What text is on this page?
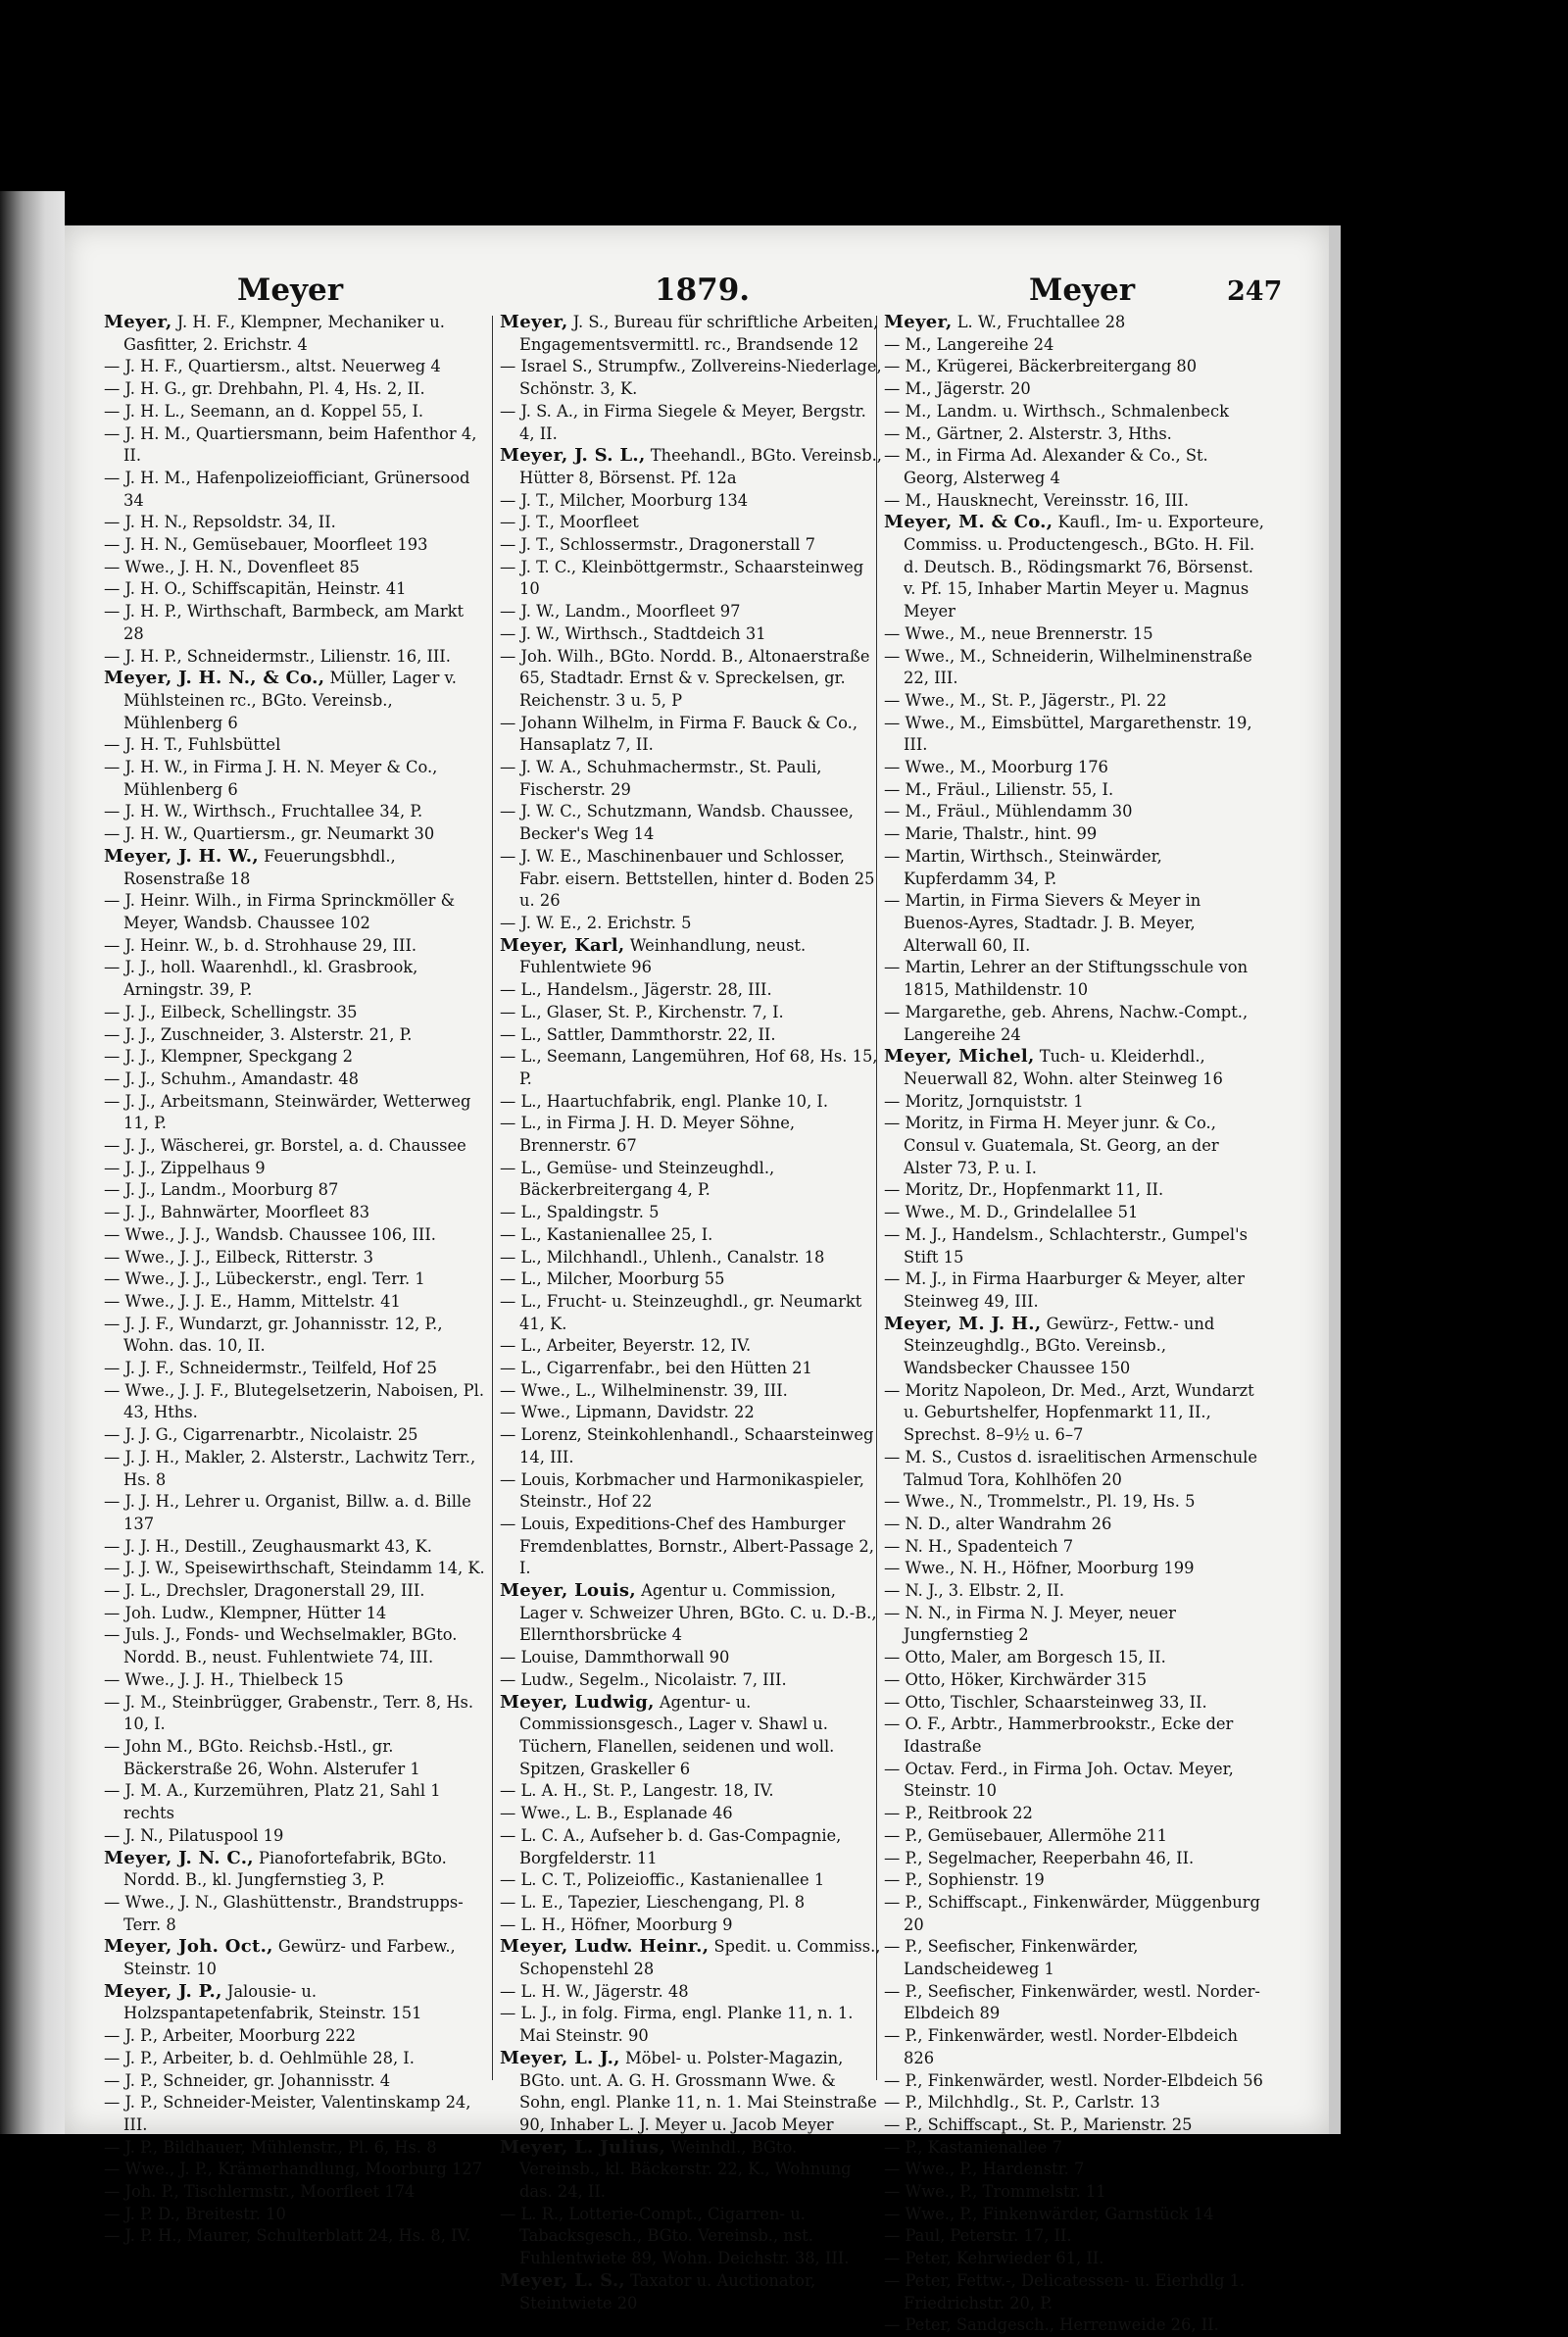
Meyer	1879.	Meyer	247

Meyer, J. H. F., Klempner, Mechaniker u. Gasfitter, 2. Erichstr. 4

— J. H. F., Quartiersm., altst. Neuerweg 4

— J. H. G., gr. Drehbahn, Pl. 4, Hs. 2, II.

— J. H. L., Seemann, an d. Koppel 55, I.

— J. H. M., Quartiersmann, beim Hafenthor 4, II.

— J. H. M., Hafenpolizeiofficiant, Grünersood 34

— J. H. N., Repsoldstr. 34, II.

— J. H. N., Gemüsebauer, Moorfleet 193

— Wwe., J. H. N., Dovenfleet 85

— J. H. O., Schiffscapitän, Heinstr. 41

— J. H. P., Wirthschaft, Barmbeck, am Markt 28

— J. H. P., Schneidermstr., Lilienstr. 16, III.

Meyer, J. H. N., & Co., Müller, Lager v. Mühlsteinen rc., BGto. Vereinsb., Mühlenberg 6

— J. H. T., Fuhlsbüttel

— J. H. W., in Firma J. H. N. Meyer & Co., Mühlenberg 6

— J. H. W., Wirthsch., Fruchtallee 34, P.

— J. H. W., Quartiersm., gr. Neumarkt 30

Meyer, J. H. W., Feuerungsbhdl., Rosenstraße 18

— J. Heinr. Wilh., in Firma Sprinckmöller & Meyer, Wandsb. Chaussee 102

— J. Heinr. W., b. d. Strohhause 29, III.

— J. J., holl. Waarenhdl., kl. Grasbrook, Arningstr. 39, P.

— J. J., Eilbeck, Schellingstr. 35

— J. J., Zuschneider, 3. Alsterstr. 21, P.

— J. J., Klempner, Speckgang 2

— J. J., Schuhm., Amandastr. 48

— J. J., Arbeitsmann, Steinwärder, Wetterweg 11, P.

— J. J., Wäscherei, gr. Borstel, a. d. Chaussee

— J. J., Zippelhaus 9

— J. J., Landm., Moorburg 87

— J. J., Bahnwärter, Moorfleet 83

— Wwe., J. J., Wandsb. Chaussee 106, III.

— Wwe., J. J., Eilbeck, Ritterstr. 3

— Wwe., J. J., Lübeckerstr., engl. Terr. 1

— Wwe., J. J. E., Hamm, Mittelstr. 41

— J. J. F., Wundarzt, gr. Johannisstr. 12, P., Wohn. das. 10, II.

— J. J. F., Schneidermstr., Teilfeld, Hof 25

— Wwe., J. J. F., Blutegelsetzerin, Naboisen, Pl. 43, Hths.

— J. J. G., Cigarrenarbtr., Nicolaistr. 25

— J. J. H., Makler, 2. Alsterstr., Lachwitz Terr., Hs. 8

— J. J. H., Lehrer u. Organist, Billw. a. d. Bille 137

— J. J. H., Destill., Zeughausmarkt 43, K.

— J. J. W., Speisewirthschaft, Steindamm 14, K.

— J. L., Drechsler, Dragonerstall 29, III.

— Joh. Ludw., Klempner, Hütter 14

— Juls. J., Fonds- und Wechselmakler, BGto. Nordd. B., neust. Fuhlentwiete 74, III.

— Wwe., J. J. H., Thielbeck 15

— J. M., Steinbrügger, Grabenstr., Terr. 8, Hs. 10, I.

— John M., BGto. Reichsb.-Hstl., gr. Bäckerstraße 26, Wohn. Alsterufer 1

— J. M. A., Kurzemühren, Platz 21, Sahl 1 rechts

— J. N., Pilatuspool 19

Meyer, J. N. C., Pianofortefabrik, BGto. Nordd. B., kl. Jungfernstieg 3, P.

— Wwe., J. N., Glashüttenstr., Brandstrupps-Terr. 8

Meyer, Joh. Oct., Gewürz- und Farbew., Steinstr. 10

Meyer, J. P., Jalousie- u. Holzspantapetenfabrik, Steinstr. 151

— J. P., Arbeiter, Moorburg 222

— J. P., Arbeiter, b. d. Oehlmühle 28, I.

— J. P., Schneider, gr. Johannisstr. 4

— J. P., Schneider-Meister, Valentinskamp 24, III.

— J. P., Bildhauer, Mühlenstr., Pl. 6, Hs. 8

— Wwe., J. P., Krämerhandlung, Moorburg 127

— Joh. P., Tischlermstr., Moorfleet 174

— J. P. D., Breitestr. 10

— J. P. H., Maurer, Schulterblatt 24, Hs. 8, IV.

Meyer, J. S., Bureau für schriftliche Arbeiten, Engagementsvermittl. rc., Brandsende 12

— Israel S., Strumpfw., Zollvereins-Niederlage, Schönstr. 3, K.

— J. S. A., in Firma Siegele & Meyer, Bergstr. 4, II.

Meyer, J. S. L., Theehandl., BGto. Vereinsb., Hütter 8, Börsenst. Pf. 12a

— J. T., Milcher, Moorburg 134

— J. T., Moorfleet

— J. T., Schlossermstr., Dragonerstall 7

— J. T. C., Kleinböttgermstr., Schaarsteinweg 10

— J. W., Landm., Moorfleet 97

— J. W., Wirthsch., Stadtdeich 31

— Joh. Wilh., BGto. Nordd. B., Altonaerstraße 65, Stadtadr. Ernst & v. Spreckelsen, gr. Reichenstr. 3 u. 5, P

— Johann Wilhelm, in Firma F. Bauck & Co., Hansaplatz 7, II.

— J. W. A., Schuhmachermstr., St. Pauli, Fischerstr. 29

— J. W. C., Schutzmann, Wandsb. Chaussee, Becker's Weg 14

— J. W. E., Maschinenbauer und Schlosser, Fabr. eisern. Bettstellen, hinter d. Boden 25 u. 26

— J. W. E., 2. Erichstr. 5

Meyer, Karl, Weinhandlung, neust. Fuhlentwiete 96

— L., Handelsm., Jägerstr. 28, III.

— L., Glaser, St. P., Kirchenstr. 7, I.

— L., Sattler, Dammthorstr. 22, II.

— L., Seemann, Langemühren, Hof 68, Hs. 15, P.

— L., Haartuchfabrik, engl. Planke 10, I.

— L., in Firma J. H. D. Meyer Söhne, Brennerstr. 67

— L., Gemüse- und Steinzeughdl., Bäckerbreitergang 4, P.

— L., Spaldingstr. 5

— L., Kastanienallee 25, I.

— L., Milchhandl., Uhlenh., Canalstr. 18

— L., Milcher, Moorburg 55

— L., Frucht- u. Steinzeughdl., gr. Neumarkt 41, K.

— L., Arbeiter, Beyerstr. 12, IV.

— L., Cigarrenfabr., bei den Hütten 21

— Wwe., L., Wilhelminenstr. 39, III.

— Wwe., Lipmann, Davidstr. 22

— Lorenz, Steinkohlenhandl., Schaarsteinweg 14, III.

— Louis, Korbmacher und Harmonikaspieler, Steinstr., Hof 22

— Louis, Expeditions-Chef des Hamburger Fremdenblattes, Bornstr., Albert-Passage 2, I.

Meyer, Louis, Agentur u. Commission, Lager v. Schweizer Uhren, BGto. C. u. D.-B., Ellernthorsbrücke 4

— Louise, Dammthorwall 90

— Ludw., Segelm., Nicolaistr. 7, III.

Meyer, Ludwig, Agentur- u. Commissionsgesch., Lager v. Shawl u. Tüchern, Flanellen, seidenen und woll. Spitzen, Graskeller 6

— L. A. H., St. P., Langestr. 18, IV.

— Wwe., L. B., Esplanade 46

— L. C. A., Aufseher b. d. Gas-Compagnie, Borgfelderstr. 11

— L. C. T., Polizeioffic., Kastanienallee 1

— L. E., Tapezier, Lieschengang, Pl. 8

— L. H., Höfner, Moorburg 9

Meyer, Ludw. Heinr., Spedit. u. Commiss., Schopenstehl 28

— L. H. W., Jägerstr. 48

— L. J., in folg. Firma, engl. Planke 11, n. 1. Mai Steinstr. 90

Meyer, L. J., Möbel- u. Polster-Magazin, BGto. unt. A. G. H. Grossmann Wwe. & Sohn, engl. Planke 11, n. 1. Mai Steinstraße 90, Inhaber L. J. Meyer u. Jacob Meyer

Meyer, L. Julius, Weinhdl., BGto. Vereinsb., kl. Bäckerstr. 22, K., Wohnung das. 24, II.

— L. R., Lotterie-Compt., Cigarren- u. Tabacksgesch., BGto. Vereinsb., nst. Fuhlentwiete 89, Wohn. Deichstr. 38, III.

Meyer, L. S., Taxator u. Auctionator, Steintwiete 20

Meyer, L. W., Fruchtallee 28

— M., Langereihe 24

— M., Krügerei, Bäckerbreitergang 80

— M., Jägerstr. 20

— M., Landm. u. Wirthsch., Schmalenbeck

— M., Gärtner, 2. Alsterstr. 3, Hths.

— M., in Firma Ad. Alexander & Co., St. Georg, Alsterweg 4

— M., Hausknecht, Vereinsstr. 16, III.

Meyer, M. & Co., Kaufl., Im- u. Exporteure, Commiss. u. Productengesch., BGto. H. Fil. d. Deutsch. B., Rödingsmarkt 76, Börsenst. v. Pf. 15, Inhaber Martin Meyer u. Magnus Meyer

— Wwe., M., neue Brennerstr. 15

— Wwe., M., Schneiderin, Wilhelminenstraße 22, III.

— Wwe., M., St. P., Jägerstr., Pl. 22

— Wwe., M., Eimsbüttel, Margarethenstr. 19, III.

— Wwe., M., Moorburg 176

— M., Fräul., Lilienstr. 55, I.

— M., Fräul., Mühlendamm 30

— Marie, Thalstr., hint. 99

— Martin, Wirthsch., Steinwärder, Kupferdamm 34, P.

— Martin, in Firma Sievers & Meyer in Buenos-Ayres, Stadtadr. J. B. Meyer, Alterwall 60, II.

— Martin, Lehrer an der Stiftungsschule von 1815, Mathildenstr. 10

— Margarethe, geb. Ahrens, Nachw.-Compt., Langereihe 24

Meyer, Michel, Tuch- u. Kleiderhdl., Neuerwall 82, Wohn. alter Steinweg 16

— Moritz, Jornquiststr. 1

— Moritz, in Firma H. Meyer junr. & Co., Consul v. Guatemala, St. Georg, an der Alster 73, P. u. I.

— Moritz, Dr., Hopfenmarkt 11, II.

— Wwe., M. D., Grindelallee 51

— M. J., Handelsm., Schlachterstr., Gumpel's Stift 15

— M. J., in Firma Haarburger & Meyer, alter Steinweg 49, III.

Meyer, M. J. H., Gewürz-, Fettw.- und Steinzeughdlg., BGto. Vereinsb., Wandsbecker Chaussee 150

— Moritz Napoleon, Dr. Med., Arzt, Wundarzt u. Geburtshelfer, Hopfenmarkt 11, II., Sprechst. 8–9½ u. 6–7

— M. S., Custos d. israelitischen Armenschule Talmud Tora, Kohlhöfen 20

— Wwe., N., Trommelstr., Pl. 19, Hs. 5

— N. D., alter Wandrahm 26

— N. H., Spadenteich 7

— Wwe., N. H., Höfner, Moorburg 199

— N. J., 3. Elbstr. 2, II.

— N. N., in Firma N. J. Meyer, neuer Jungfernstieg 2

— Otto, Maler, am Borgesch 15, II.

— Otto, Höker, Kirchwärder 315

— Otto, Tischler, Schaarsteinweg 33, II.

— O. F., Arbtr., Hammerbrookstr., Ecke der Idastraße

— Octav. Ferd., in Firma Joh. Octav. Meyer, Steinstr. 10

— P., Reitbrook 22

— P., Gemüsebauer, Allermöhe 211

— P., Segelmacher, Reeperbahn 46, II.

— P., Sophienstr. 19

— P., Schiffscapt., Finkenwärder, Müggenburg 20

— P., Seefischer, Finkenwärder, Landscheideweg 1

— P., Seefischer, Finkenwärder, westl. Norder-Elbdeich 89

— P., Finkenwärder, westl. Norder-Elbdeich 826

— P., Finkenwärder, westl. Norder-Elbdeich 56

— P., Milchhdlg., St. P., Carlstr. 13

— P., Schiffscapt., St. P., Marienstr. 25

— P., Kastanienallee 7

— Wwe., P., Hardenstr. 7

— Wwe., P., Trommelstr. 11

— Wwe., P., Finkenwärder, Garnstück 14

— Paul, Peterstr. 17, II.

— Peter, Kehrwieder 61, II.

— Peter, Fettw.-, Delicatessen- u. Eierhdlg 1. Friedrichstr. 20, P.

— Peter, Sandgesch., Herrenweide 26, II.
